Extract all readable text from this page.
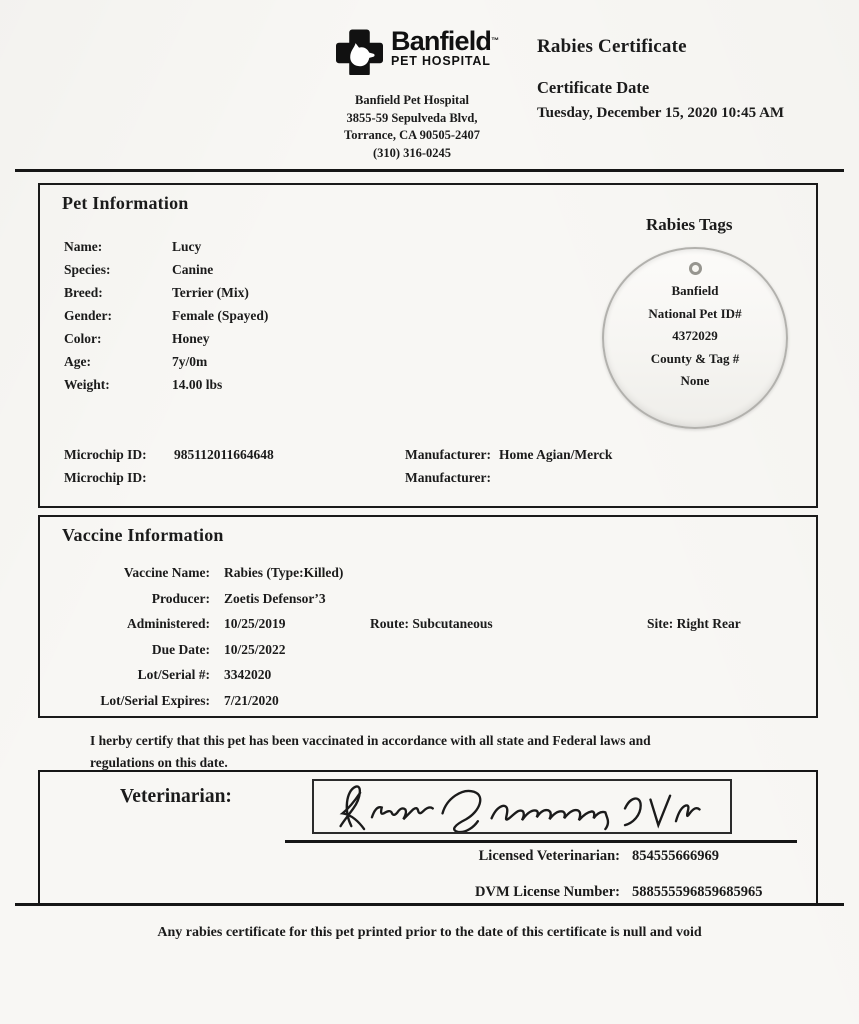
Banfield™
PET HOSPITAL
Banfield Pet Hospital
3855-59 Sepulveda Blvd,
Torrance, CA 90505-2407
(310) 316-0245
Rabies Certificate
Certificate Date
Tuesday, December 15, 2020 10:45 AM
Pet Information
Name:	Lucy
Species:	Canine
Breed:	Terrier (Mix)
Gender:	Female (Spayed)
Color:	Honey
Age:	7y/0m
Weight:	14.00 lbs
Rabies Tags
Banfield
National Pet ID#
4372029
County & Tag #
None
Microchip ID:	985112011664648	Manufacturer: Home Agian/Merck
Microchip ID:	Manufacturer:
Vaccine Information
Vaccine Name: Rabies (Type:Killed)
Producer: Zoetis Defensorʼ3
Administered: 10/25/2019	Route: Subcutaneous	Site: Right Rear
Due Date: 10/25/2022
Lot/Serial #: 3342020
Lot/Serial Expires: 7/21/2020
I herby certify that this pet has been vaccinated in accordance with all state and Federal laws and regulations on this date.
Veterinarian:
Licensed Veterinarian: 854555666969
DVM License Number: 588555596859685965
Any rabies certificate for this pet printed prior to the date of this certificate is null and void
